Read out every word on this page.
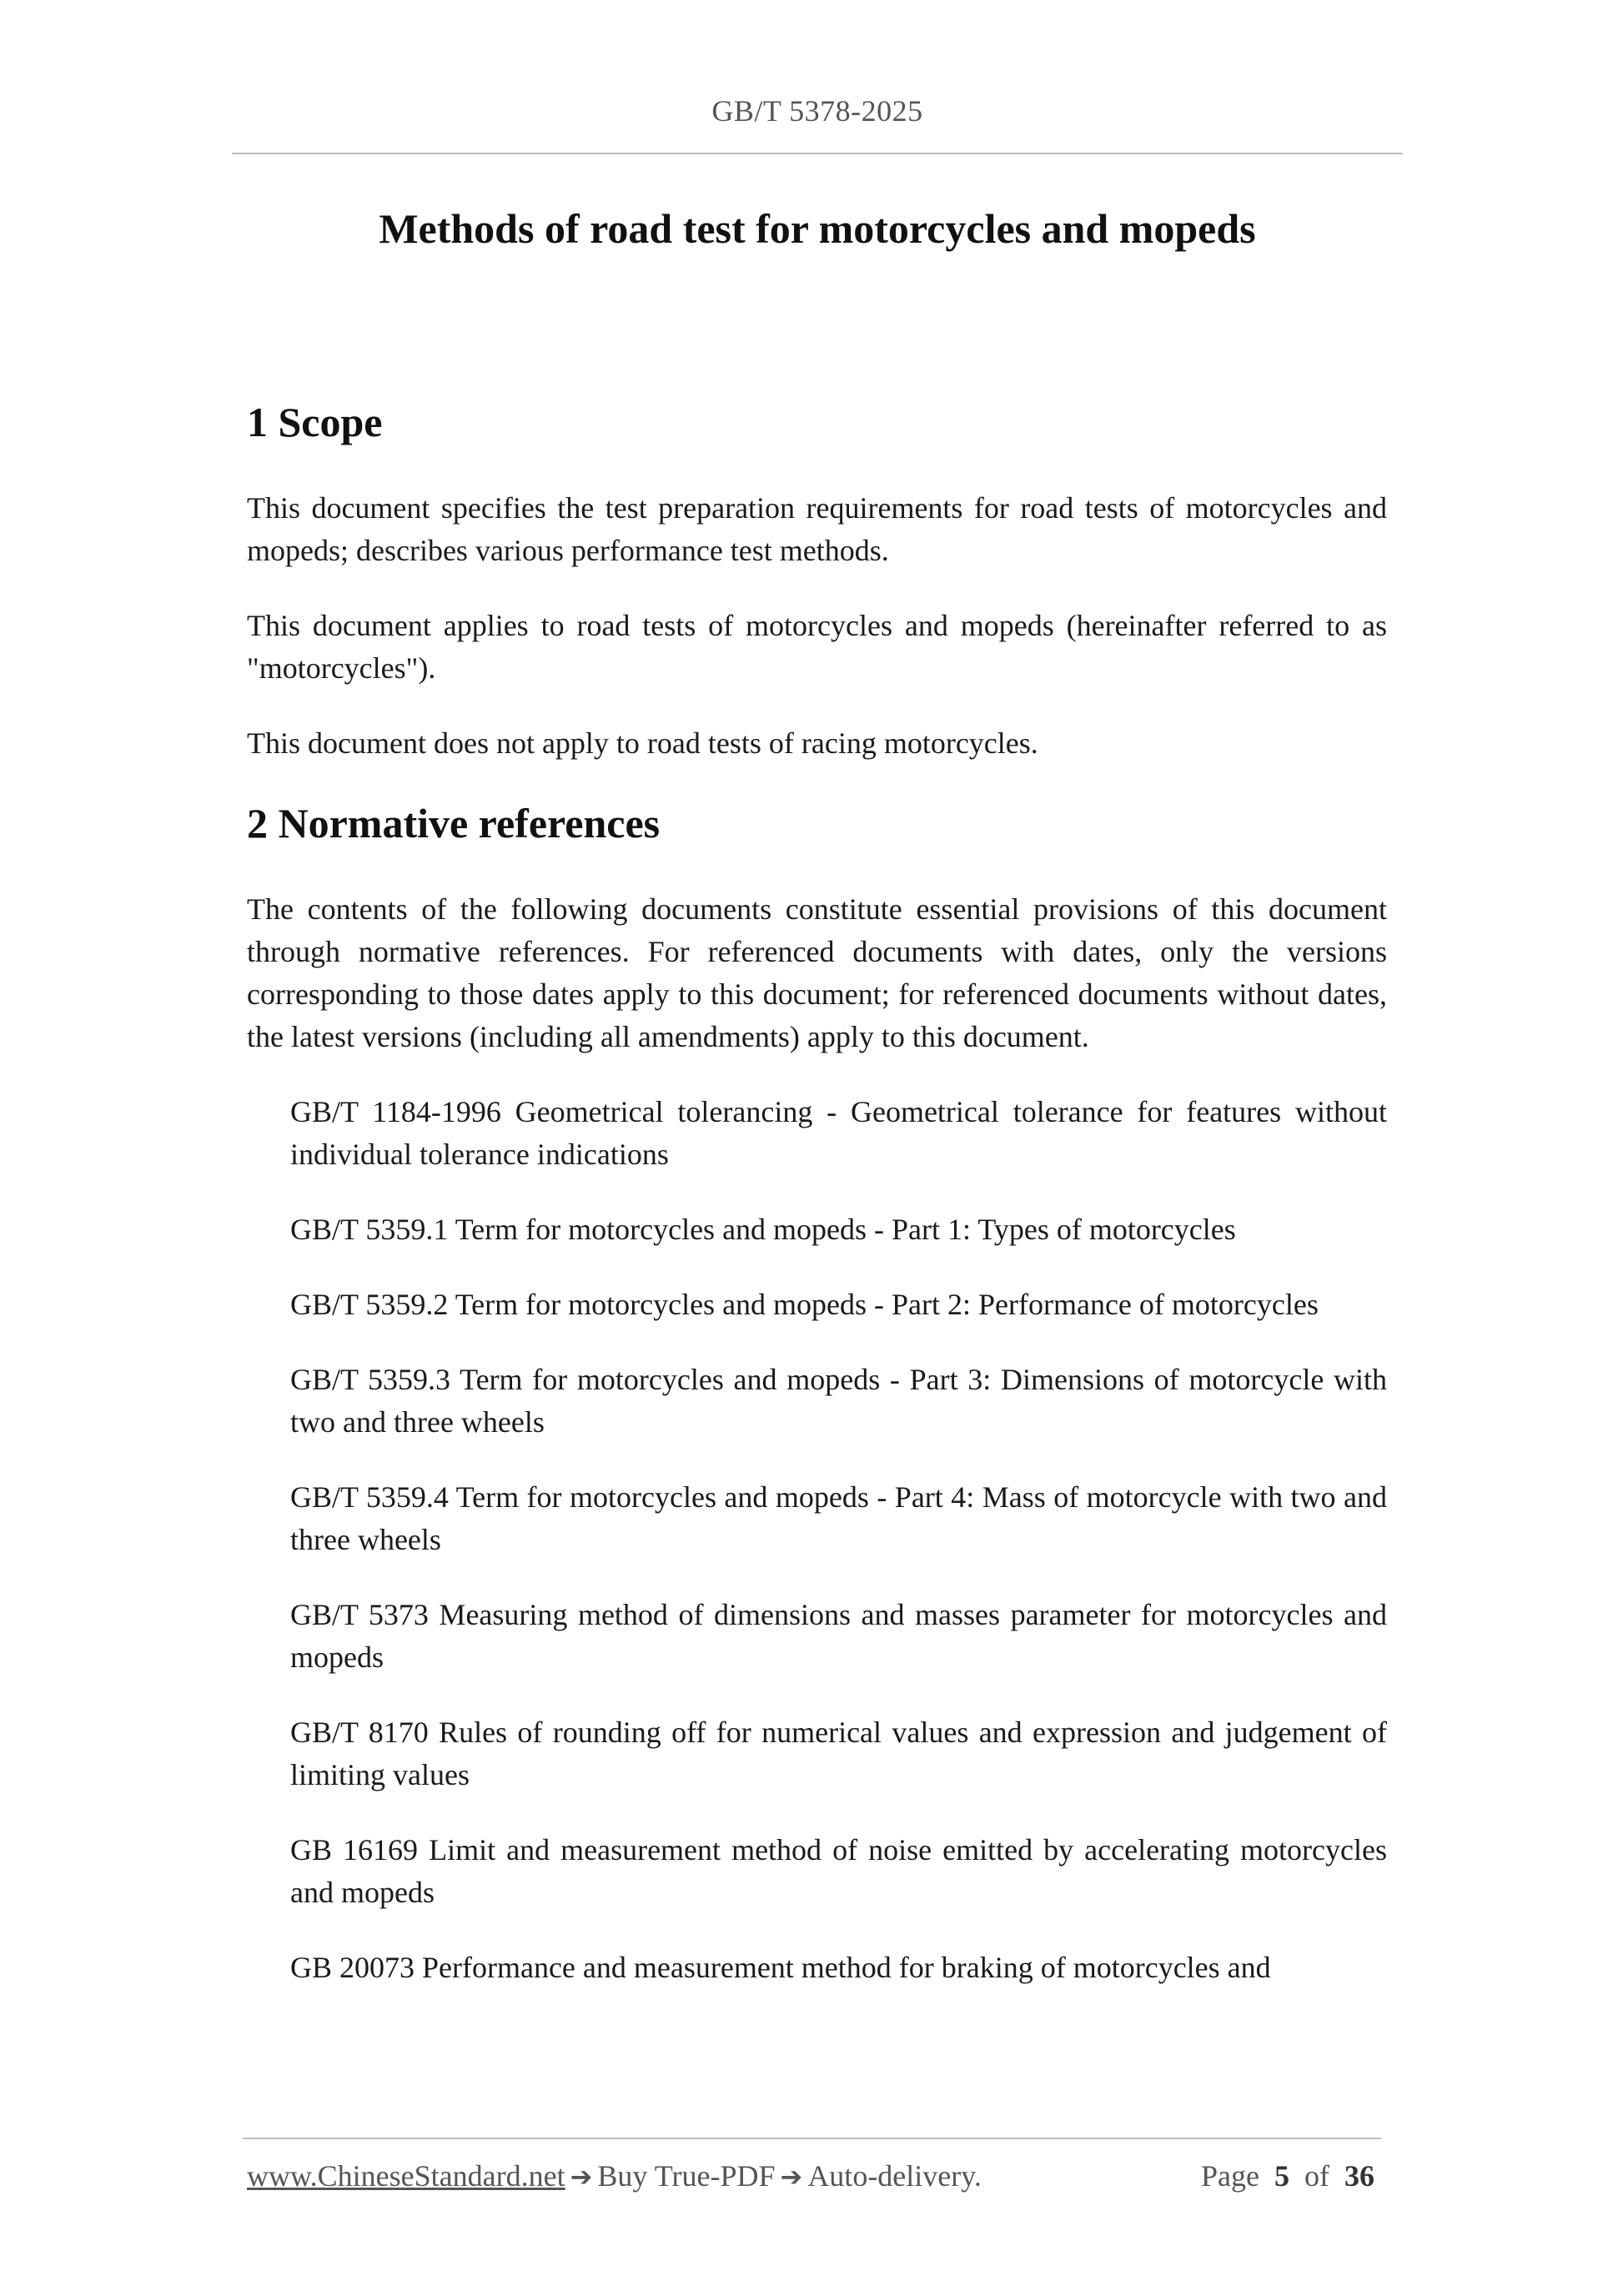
GB/T 5378-2025
Methods of road test for motorcycles and mopeds
1 Scope

This document specifies the test preparation requirements for road tests of motorcycles and mopeds; describes various performance test methods.

This document applies to road tests of motorcycles and mopeds (hereinafter referred to as "motorcycles").

This document does not apply to road tests of racing motorcycles.

2 Normative references

The contents of the following documents constitute essential provisions of this document through normative references. For referenced documents with dates, only the versions corresponding to those dates apply to this document; for referenced documents without dates, the latest versions (including all amendments) apply to this document.

GB/T 1184-1996 Geometrical tolerancing - Geometrical tolerance for features without individual tolerance indications

GB/T 5359.1 Term for motorcycles and mopeds - Part 1: Types of motorcycles

GB/T 5359.2 Term for motorcycles and mopeds - Part 2: Performance of motorcycles

GB/T 5359.3 Term for motorcycles and mopeds - Part 3: Dimensions of motorcycle with two and three wheels

GB/T 5359.4 Term for motorcycles and mopeds - Part 4: Mass of motorcycle with two and three wheels

GB/T 5373 Measuring method of dimensions and masses parameter for motorcycles and mopeds

GB/T 8170 Rules of rounding off for numerical values and expression and judgement of limiting values

GB 16169 Limit and measurement method of noise emitted by accelerating motorcycles and mopeds

GB 20073 Performance and measurement method for braking of motorcycles and

www.ChineseStandard.net ➔ Buy True-PDF ➔ Auto-delivery.	Page 5 of 36
